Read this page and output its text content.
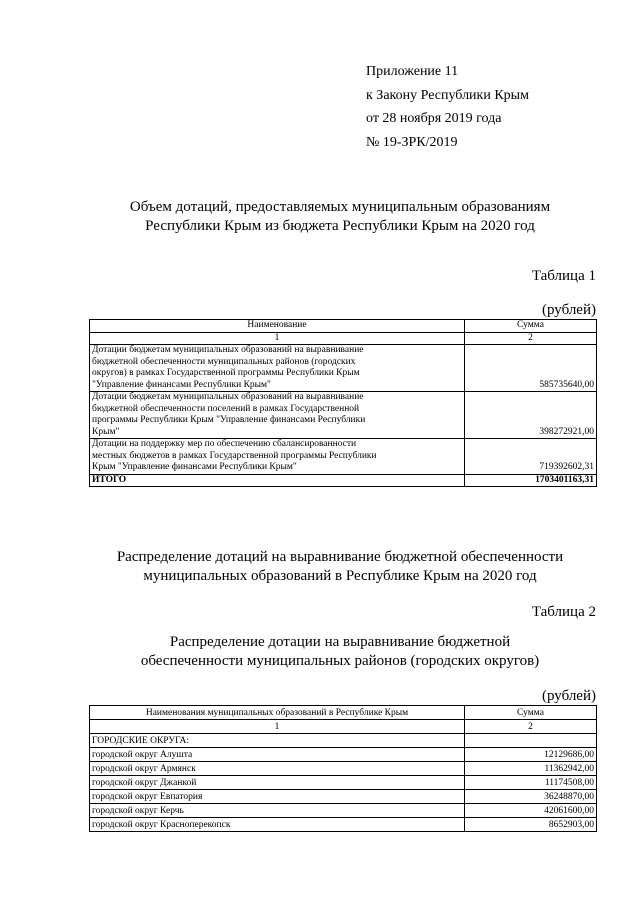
Приложение 11
к Закону Республики Крым
от 28 ноября 2019 года
№ 19-ЗРК/2019
Объем дотаций, предоставляемых муниципальным образованиям
Республики Крым из бюджета Республики Крым на 2020 год
Таблица 1
(рублей)
Наименование	Сумма
1	2

Дотации бюджетам муниципальных образований на выравнивание
бюджетной обеспеченности муниципальных районов (городских
округов) в рамках Государственной программы Республики Крым
"Управление финансами Республики Крым"	585735640,00

Дотации бюджетам муниципальных образований на выравнивание
бюджетной обеспеченности поселений в рамках Государственной
программы Республики Крым "Управление финансами Республики
Крым"	398272921,00

Дотации на поддержку мер по обеспечению сбалансированности
местных бюджетов в рамках Государственной программы Республики
Крым "Управление финансами Республики Крым"	719392602,31
ИТОГО	1703401163,31
Распределение дотаций на выравнивание бюджетной обеспеченности
муниципальных образований в Республике Крым на 2020 год
Таблица 2
Распределение дотации на выравнивание бюджетной
обеспеченности муниципальных районов (городских округов)
(рублей)
Наименования муниципальных образований в Республике Крым	Сумма
1	2
ГОРОДСКИЕ ОКРУГА:	
городской округ Алушта	12129686,00
городской округ Армянск	11362942,00
городской округ Джанкой	11174508,00
городской округ Евпатория	36248870,00
городской округ Керчь	42061600,00
городской округ Красноперекопск	8652903,00
